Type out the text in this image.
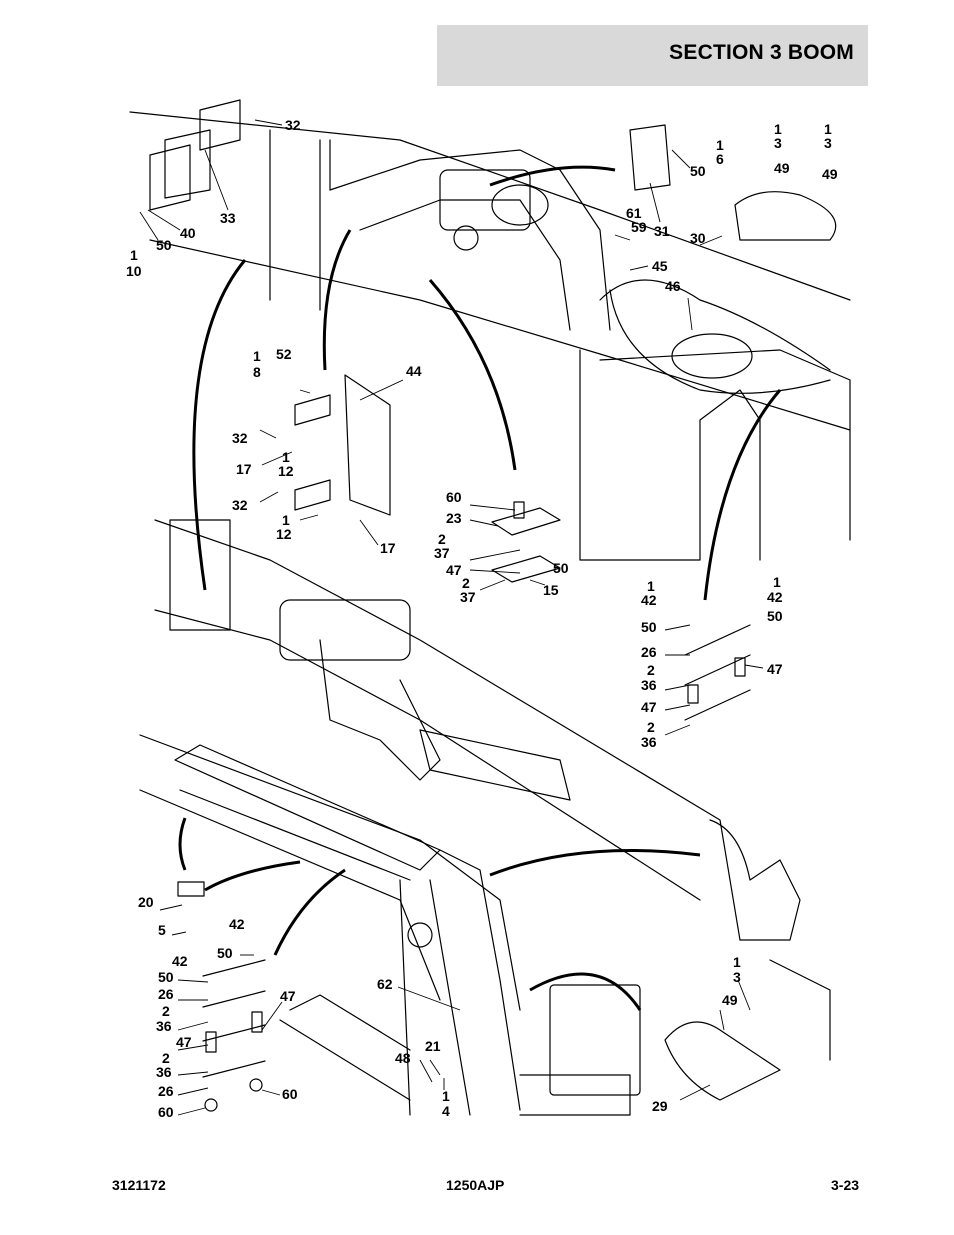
SECTION 3 BOOM
32
33
40
50
1
10
50
1
6
31
61
59
1
3
1
3
49 49
30
45
46
1
8
52
44
32
1
12
17
32
1
12
17
60
23
2
37
47	50
2
37	15	1
42
1
42
50
50
26
2
36
47
47
2
36
20
5	42
50
42
50
26	47
2
36
47
2
36
26
60
60
62
21
48
1
4
1
3
49
29
3121172	1250AJP	3-23
